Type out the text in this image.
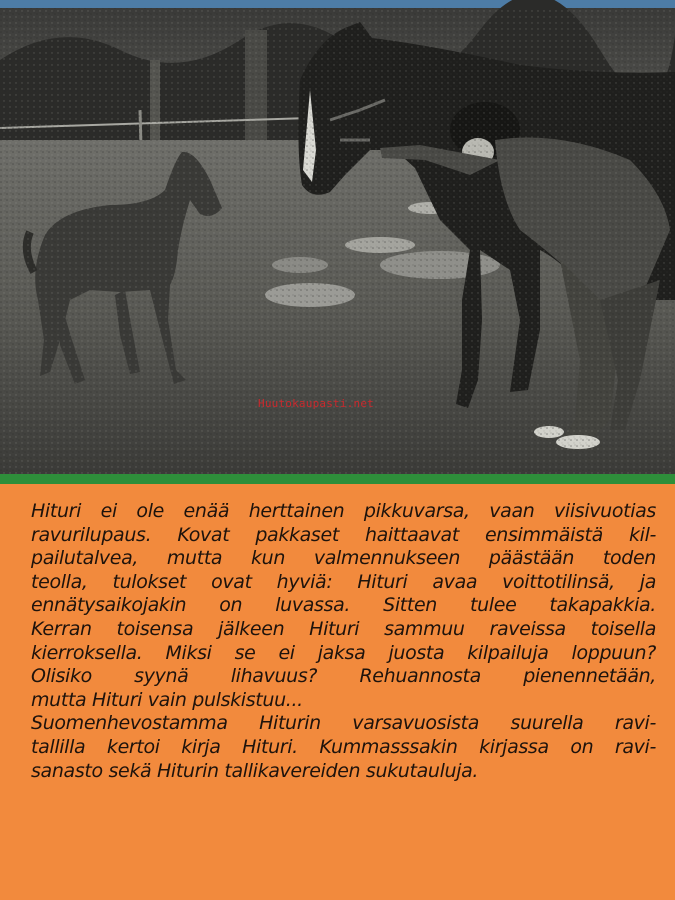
Huutokaupasti.net
Hituri ei ole enää herttainen pikkuvarsa, vaan viisivuotias
ravurilupaus. Kovat pakkaset haittaavat ensimmäistä kil-
pailutalvea, mutta kun valmennukseen päästään toden
teolla, tulokset ovat hyviä: Hituri avaa voittotilinsä, ja
ennätysaikojakin on luvassa. Sitten tulee takapakkia.
Kerran toisensa jälkeen Hituri sammuu raveissa toisella
kierroksella. Miksi se ei jaksa juosta kilpailuja loppuun?
Olisiko syynä lihavuus? Rehuannosta pienennetään,
mutta Hituri vain pulskistuu...
Suomenhevostamma Hiturin varsavuosista suurella ravi-
tallilla kertoi kirja Hituri. Kummasssakin kirjassa on ravi-
sanasto sekä Hiturin tallikavereiden sukutauluja.
